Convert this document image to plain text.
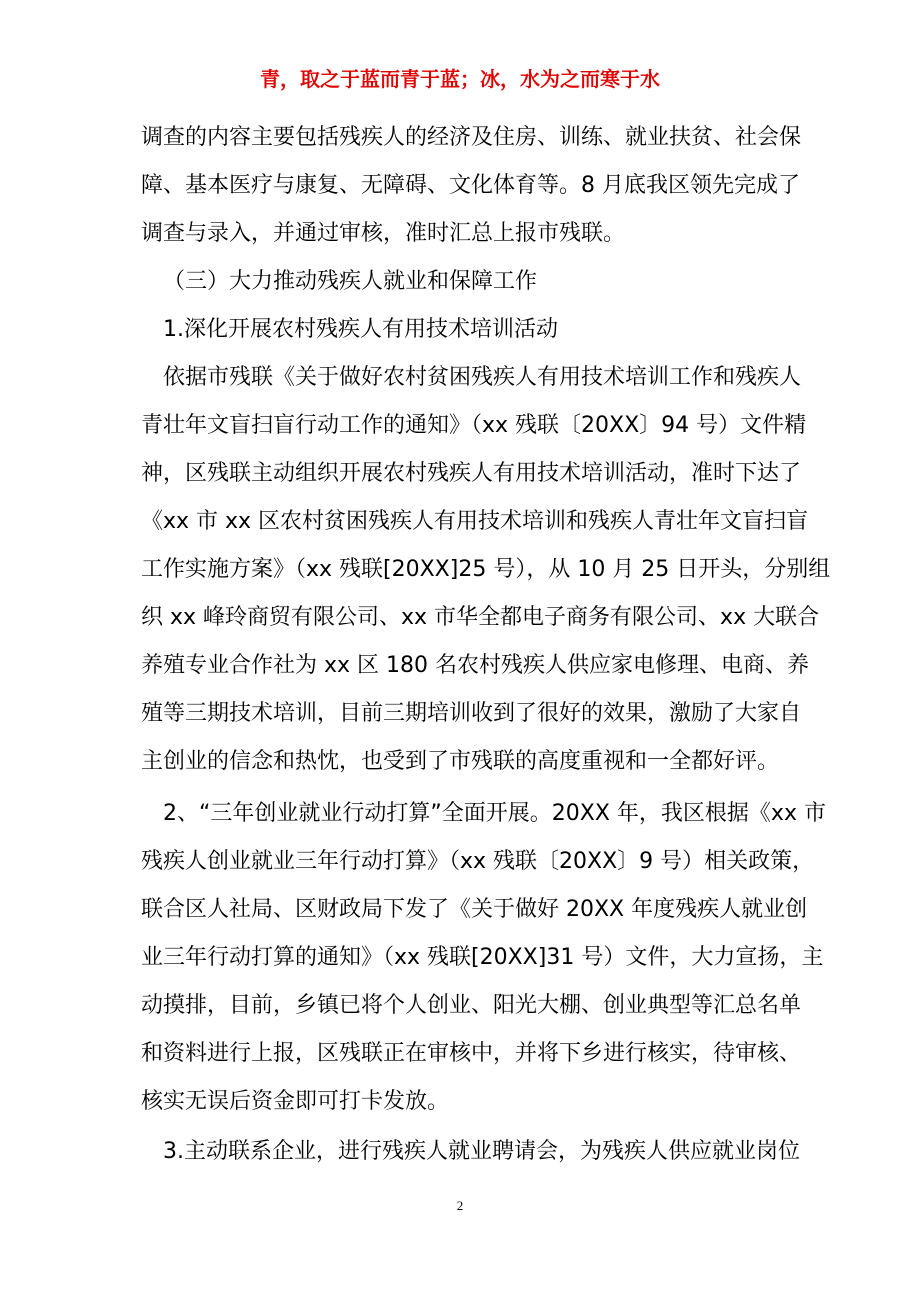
青，取之于蓝而青于蓝；冰，水为之而寒于水
调查的内容主要包括残疾人的经济及住房、训练、就业扶贫、社会保
障、基本医疗与康复、无障碍、文化体育等。8 月底我区领先完成了
调查与录入，并通过审核，准时汇总上报市残联。
（三）大力推动残疾人就业和保障工作
1.深化开展农村残疾人有用技术培训活动
依据市残联《关于做好农村贫困残疾人有用技术培训工作和残疾人
青壮年文盲扫盲行动工作的通知》（xx 残联〔20XX〕94 号）文件精
神，区残联主动组织开展农村残疾人有用技术培训活动，准时下达了
《xx 市 xx 区农村贫困残疾人有用技术培训和残疾人青壮年文盲扫盲
工作实施方案》（xx 残联[20XX]25 号），从 10 月 25 日开头，分别组
织 xx 峰玲商贸有限公司、xx 市华全都电子商务有限公司、xx 大联合
养殖专业合作社为 xx 区 180 名农村残疾人供应家电修理、电商、养
殖等三期技术培训，目前三期培训收到了很好的效果，激励了大家自
主创业的信念和热忱，也受到了市残联的高度重视和一全都好评。
2、“三年创业就业行动打算”全面开展。20XX 年，我区根据《xx 市
残疾人创业就业三年行动打算》（xx 残联〔20XX〕9 号）相关政策，
联合区人社局、区财政局下发了《关于做好 20XX 年度残疾人就业创
业三年行动打算的通知》（xx 残联[20XX]31 号）文件，大力宣扬，主
动摸排，目前，乡镇已将个人创业、阳光大棚、创业典型等汇总名单
和资料进行上报，区残联正在审核中，并将下乡进行核实，待审核、
核实无误后资金即可打卡发放。
3.主动联系企业，进行残疾人就业聘请会，为残疾人供应就业岗位
2
